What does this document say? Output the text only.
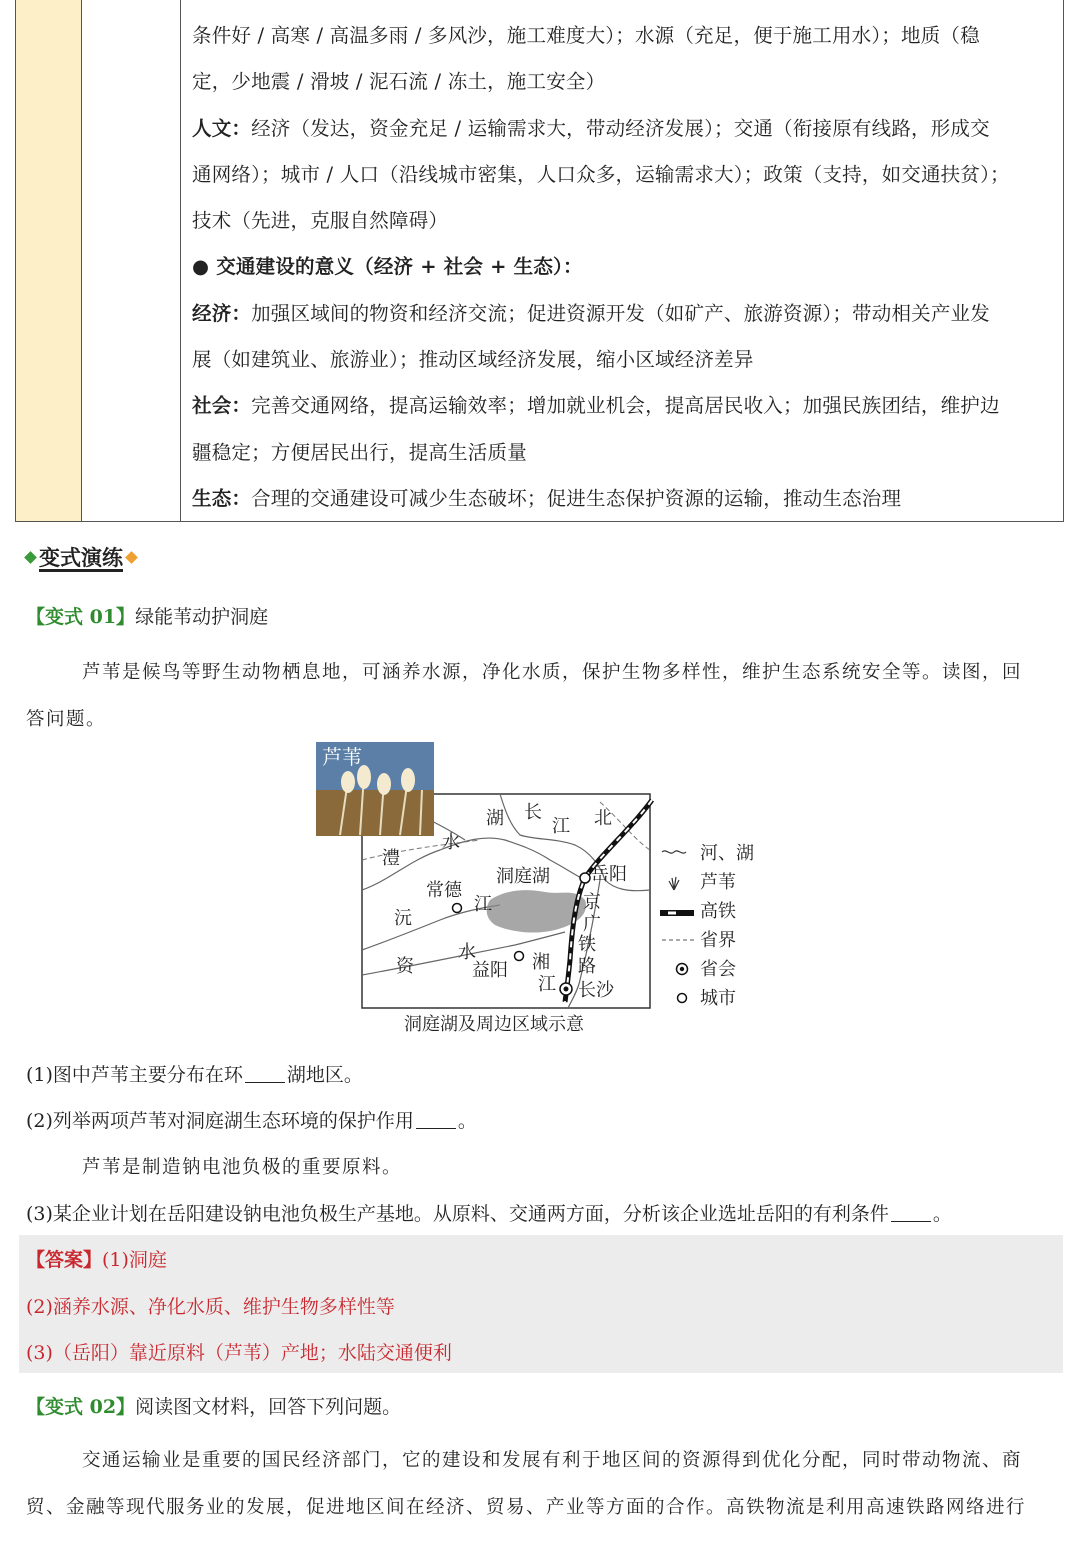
条件好 / 高寒 / 高温多雨 / 多风沙，施工难度大）；水源（充足，便于施工用水）；地质（稳
定，少地震 / 滑坡 / 泥石流 / 冻土，施工安全）
人文：经济（发达，资金充足 / 运输需求大，带动经济发展）；交通（衔接原有线路，形成交
通网络）；城市 / 人口（沿线城市密集，人口众多，运输需求大）；政策（支持，如交通扶贫）；
技术（先进，克服自然障碍）
● 交通建设的意义（经济 + 社会 + 生态）：
经济：加强区域间的物资和经济交流；促进资源开发（如矿产、旅游资源）；带动相关产业发
展（如建筑业、旅游业）；推动区域经济发展，缩小区域经济差异
社会：完善交通网络，提高运输效率；增加就业机会，提高居民收入；加强民族团结，维护边
疆稳定；方便居民出行，提高生活质量
生态：合理的交通建设可减少生态破坏；促进生态保护资源的运输，推动生态治理
变式演练
【变式 01】绿能苇动护洞庭
芦苇是候鸟等野生动物栖息地，可涵养水源，净化水质，保护生物多样性，维护生态系统安全等。读图，回
答问题。
芦苇
湖 长
江 北
澧
水
常德
江
洞庭湖 岳阳
京
广
铁
路
沅
资
水
益阳 湘
江 长沙
河、湖
芦苇
高铁
省界
省会
城市
洞庭湖及周边区域示意
(1)图中芦苇主要分布在环 湖地区。
(2)列举两项芦苇对洞庭湖生态环境的保护作用 。
芦苇是制造钠电池负极的重要原料。
(3)某企业计划在岳阳建设钠电池负极生产基地。从原料、交通两方面，分析该企业选址岳阳的有利条件 。
【答案】(1)洞庭
(2)涵养水源、净化水质、维护生物多样性等
(3)（岳阳）靠近原料（芦苇）产地；水陆交通便利
【变式 02】阅读图文材料，回答下列问题。
交通运输业是重要的国民经济部门，它的建设和发展有利于地区间的资源得到优化分配，同时带动物流、商
贸、金融等现代服务业的发展，促进地区间在经济、贸易、产业等方面的合作。高铁物流是利用高速铁路网络进行
